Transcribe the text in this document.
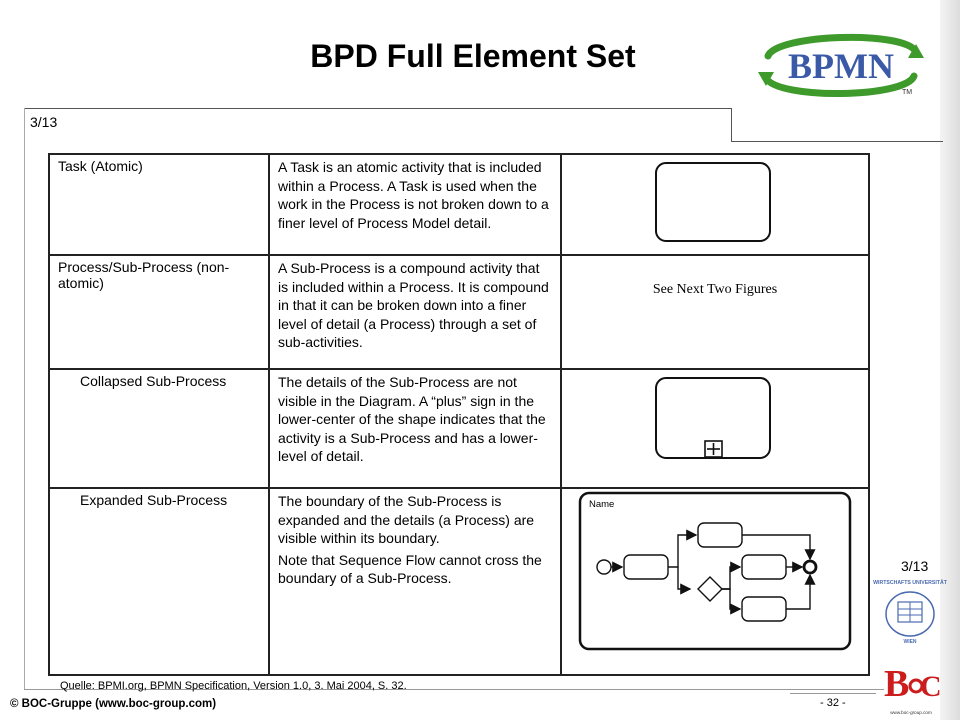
BPD Full Element Set	BPMN
TM
3/13
3/13
Task (Atomic)	A Task is an atomic activity that is included within a Process. A Task is used when the work in the Process is not broken down to a finer level of Process Model detail.

Process/Sub-Process (non-atomic)	A Sub-Process is a compound activity that is included within a Process. It is compound in that it can be broken down into a finer level of detail (a Process) through a set of sub-activities.	See Next Two Figures

Collapsed Sub-Process	The details of the Sub-Process are not visible in the Diagram. A “plus” sign in the lower-center of the shape indicates that the activity is a Sub-Process and has a lower-level of detail.

Expanded Sub-Process	The boundary of the Sub-Process is expanded and the details (a Process) are visible within its boundary.
Note that Sequence Flow cannot cross the boundary of a Sub-Process.	Name
Quelle: BPMI.org, BPMN Specification, Version 1.0, 3. Mai 2004, S. 32.
© BOC-Gruppe (www.boc-group.com)	- 32 -
WIRTSCHAFTS UNIVERSITÄT
WIEN
B C
www.boc-group.com
